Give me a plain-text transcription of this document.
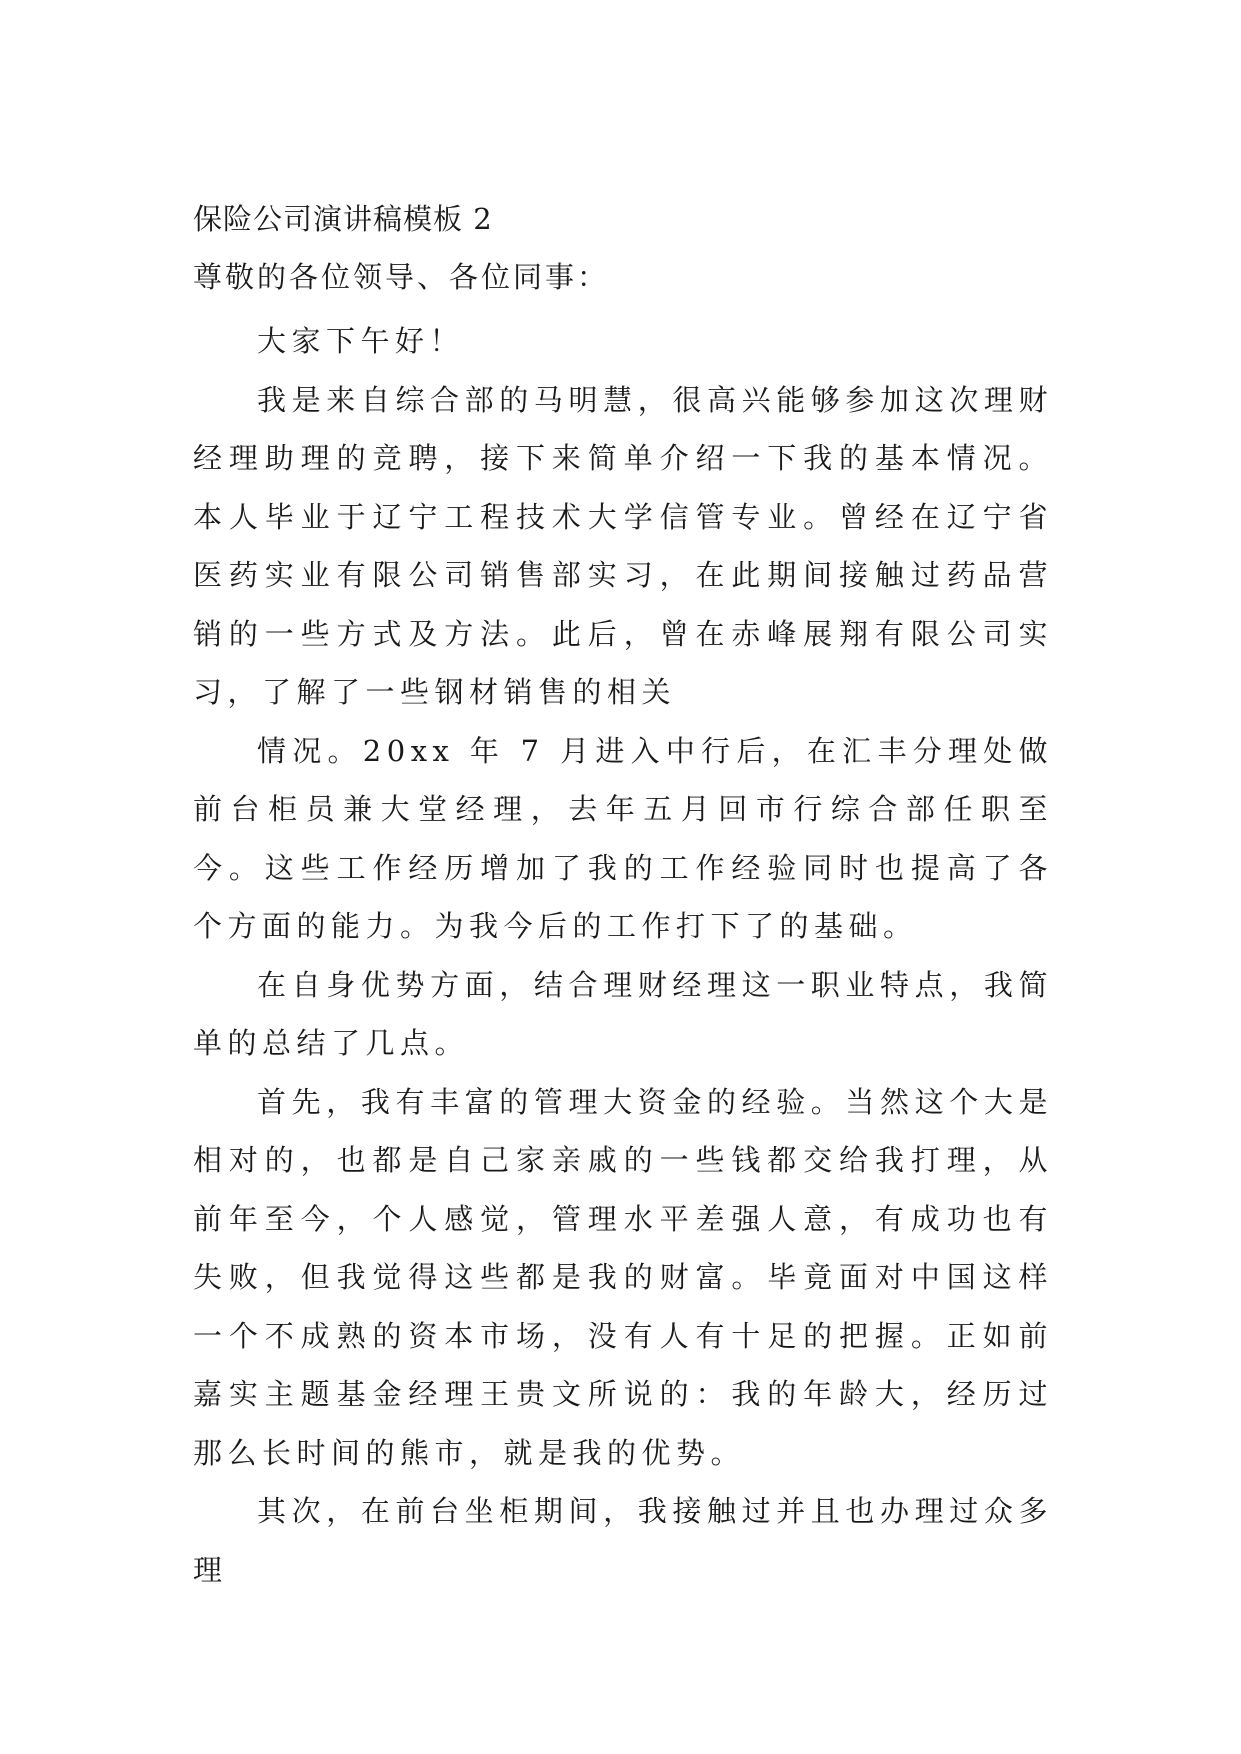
保险公司演讲稿模板 2

尊敬的各位领导、各位同事：

大家下午好！

我是来自综合部的马明慧，很高兴能够参加这次理财经理助理的竞聘，接下来简单介绍一下我的基本情况。本人毕业于辽宁工程技术大学信管专业。曾经在辽宁省医药实业有限公司销售部实习，在此期间接触过药品营销的一些方式及方法。此后，曾在赤峰展翔有限公司实习，了解了一些钢材销售的相关

情况。20xx 年 7 月进入中行后，在汇丰分理处做前台柜员兼大堂经理，去年五月回市行综合部任职至今。这些工作经历增加了我的工作经验同时也提高了各个方面的能力。为我今后的工作打下了的基础。

在自身优势方面，结合理财经理这一职业特点，我简单的总结了几点。

首先，我有丰富的管理大资金的经验。当然这个大是相对的，也都是自己家亲戚的一些钱都交给我打理，从前年至今，个人感觉，管理水平差强人意，有成功也有失败，但我觉得这些都是我的财富。毕竟面对中国这样一个不成熟的资本市场，没有人有十足的把握。正如前嘉实主题基金经理王贵文所说的：我的年龄大，经历过那么长时间的熊市，就是我的优势。

其次，在前台坐柜期间，我接触过并且也办理过众多理
